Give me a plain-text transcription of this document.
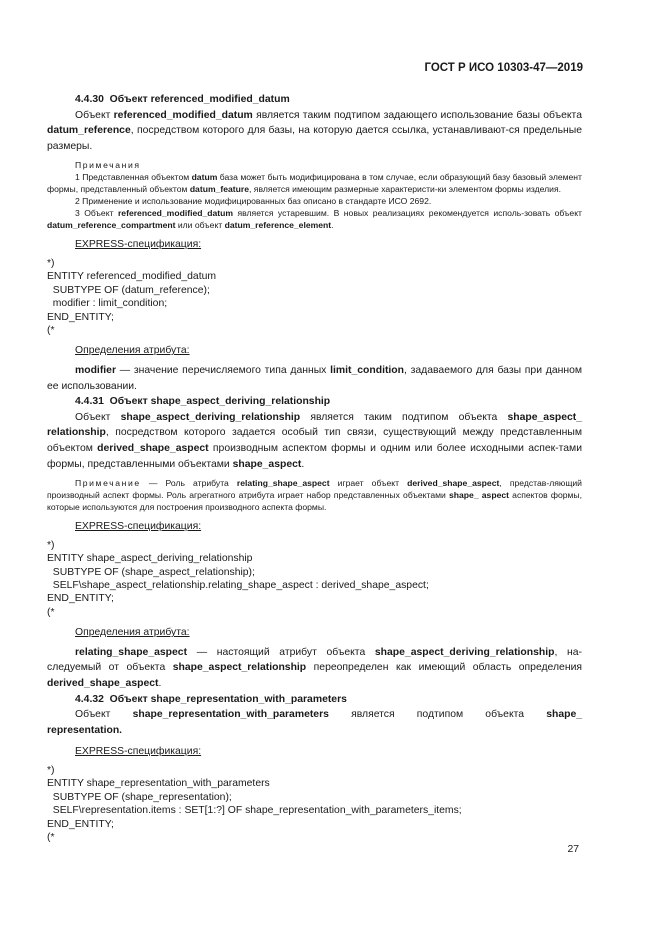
ГОСТ Р ИСО 10303-47—2019

4.4.30 Объект referenced_modified_datum

Объект referenced_modified_datum является таким подтипом задающего использование базы объекта datum_reference, посредством которого для базы, на которую дается ссылка, устанавливают-ся предельные размеры.

Примечания

1 Представленная объектом datum база может быть модифицирована в том случае, если образующий базу базовый элемент формы, представленный объектом datum_feature, является имеющим размерные характеристи-ки элементом формы изделия.

2 Применение и использование модифицированных баз описано в стандарте ИСО 2692.

3 Объект referenced_modified_datum является устаревшим. В новых реализациях рекомендуется исполь-зовать объект datum_reference_compartment или объект datum_reference_element.

EXPRESS-спецификация:

*)
ENTITY referenced_modified_datum
SUBTYPE OF (datum_reference);
modifier : limit_condition;
END_ENTITY;
(*

Определения атрибута:

modifier — значение перечисляемого типа данных limit_condition, задаваемого для базы при данном ее использовании.

4.4.31 Объект shape_aspect_deriving_relationship

Объект shape_aspect_deriving_relationship является таким подтипом объекта shape_aspect_ relationship, посредством которого задается особый тип связи, существующий между представленным объектом derived_shape_aspect производным аспектом формы и одним или более исходными аспек-тами формы, представленными объектами shape_aspect.

Примечание — Роль атрибута relating_shape_aspect играет объект derived_shape_aspect, представ-ляющий производный аспект формы. Роль агрегатного атрибута играет набор представленных объектами shape_ aspect аспектов формы, которые используются для построения производного аспекта формы.

EXPRESS-спецификация:

*)
ENTITY shape_aspect_deriving_relationship
SUBTYPE OF (shape_aspect_relationship);
SELF\shape_aspect_relationship.relating_shape_aspect : derived_shape_aspect;
END_ENTITY;
(*

Определения атрибута:

relating_shape_aspect — настоящий атрибут объекта shape_aspect_deriving_relationship, на-следуемый от объекта shape_aspect_relationship переопределен как имеющий область определения derived_shape_aspect.

4.4.32 Объект shape_representation_with_parameters

Объект shape_representation_with_parameters является подтипом объекта shape_

representation.

EXPRESS-спецификация:

*)
ENTITY shape_representation_with_parameters
SUBTYPE OF (shape_representation);
SELF\representation.items : SET[1:?] OF shape_representation_with_parameters_items;
END_ENTITY;
(*
27
